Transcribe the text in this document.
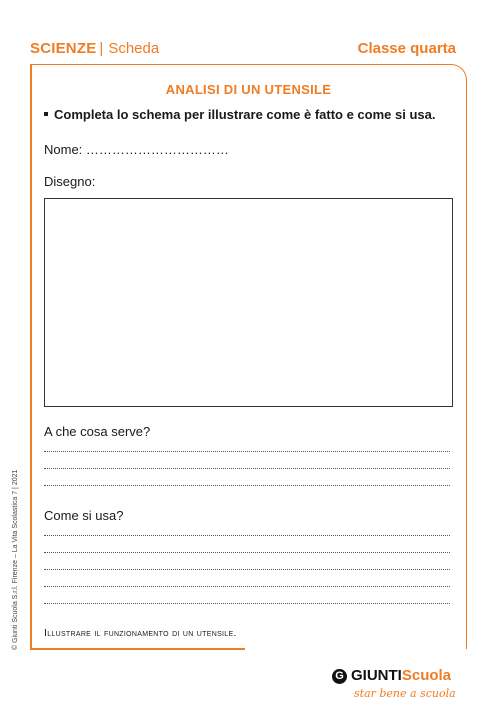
SCIENZE | Scheda	Classe quarta
ANALISI DI UN UTENSILE
Completa lo schema per illustrare come è fatto e come si usa.
Nome: ……………………………
Disegno:
A che cosa serve?
Come si usa?
Illustrare il funzionamento di un utensile.
© Giunti Scuola S.r.l. Firenze – La Vita Scolastica 7 | 2021
G GIUNTIScuola
star bene a scuola
